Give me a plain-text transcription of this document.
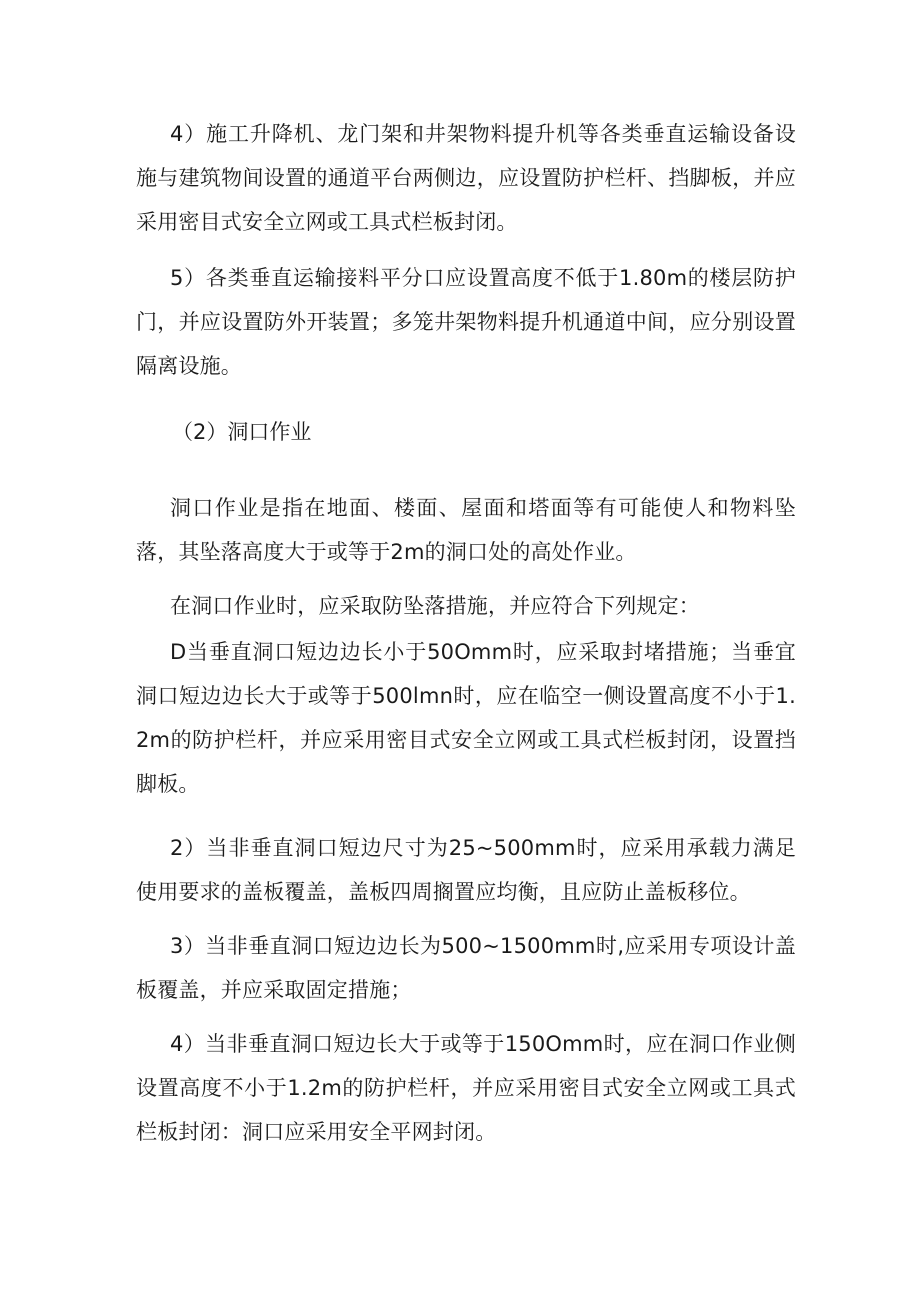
4）施工升降机、龙门架和井架物料提升机等各类垂直运输设备设施与建筑物间设置的通道平台两侧边，应设置防护栏杆、挡脚板，并应采用密目式安全立网或工具式栏板封闭。

5）各类垂直运输接料平分口应设置高度不低于1.80m的楼层防护门，并应设置防外开装置；多笼井架物料提升机通道中间，应分别设置隔离设施。

（2）洞口作业

洞口作业是指在地面、楼面、屋面和塔面等有可能使人和物料坠落，其坠落高度大于或等于2m的洞口处的高处作业。

在洞口作业时，应采取防坠落措施，并应符合下列规定：

D当垂直洞口短边边长小于50Omm时，应采取封堵措施；当垂宜洞口短边边长大于或等于500lmn时，应在临空一侧设置高度不小于1.2m的防护栏杆，并应采用密目式安全立网或工具式栏板封闭，设置挡脚板。

2）当非垂直洞口短边尺寸为25~500mm时，应采用承载力满足使用要求的盖板覆盖，盖板四周搁置应均衡，且应防止盖板移位。

3）当非垂直洞口短边边长为500~1500mm时,应采用专项设计盖板覆盖，并应采取固定措施；

4）当非垂直洞口短边长大于或等于150Omm时，应在洞口作业侧设置高度不小于1.2m的防护栏杆，并应采用密目式安全立网或工具式栏板封闭：洞口应采用安全平网封闭。
